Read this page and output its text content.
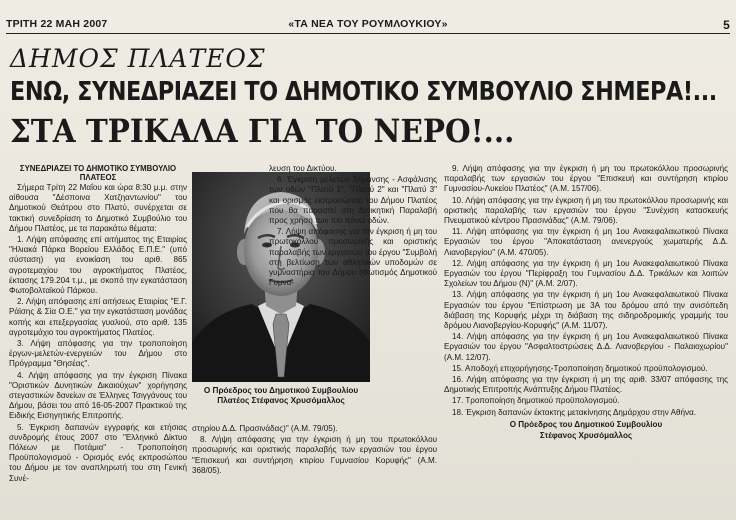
ΤΡΙΤΗ 22 ΜΑΗ 2007	«ΤΑ ΝΕΑ ΤΟΥ ΡΟΥΜΛΟΥΚΙΟΥ»	5
ΔΗΜΟΣ ΠΛΑΤΕΟΣ
ΕΝΩ, ΣΥΝΕΔΡΙΑΖΕΙ ΤΟ ΔΗΜΟΤΙΚΟ ΣΥΜΒΟΥΛΙΟ ΣΗΜΕΡΑ!...
ΣΤΑ ΤΡΙΚΑΛΑ ΓΙΑ ΤΟ ΝΕΡΟ!...

ΣΥΝΕΔΡΙΑΖΕΙ ΤΟ ΔΗΜΟΤΙΚΟ ΣΥΜΒΟΥΛΙΟ ΠΛΑΤΕΟΣ

Σήμερα Τρίτη 22 Μαΐου και ώρα 8:30 μ.μ. στην αίθουσα "Δέσποινα Χατζηαντωνίου" του Δημοτικού Θεάτρου στο Πλατύ, συνέρχεται σε τακτική συνεδρίαση το Δημοτικό Συμβούλιο του Δήμου Πλατέος, με τα παρακάτω θέματα:

1. Λήψη απόφασης επί αιτήματος της Εταιρίας "Ηλιακά Πάρκα Βορείου Ελλάδος Ε.Π.Ε." (υπό σύσταση) για ενοικίαση του αριθ. 865 αγροτεμαχίου του αγροκτήματος Πλατέος, έκτασης 179.204 τ.μ., με σκοπό την εγκατάσταση Φωτοβολταϊκού Πάρκου.

2. Λήψη απόφασης επί αιτήσεως Εταιρίας "Ε.Γ. Ράϊσης & Σία Ο.Ε." για την εγκατάσταση μονάδας κοπής και επεξεργασίας γυαλιού, στο αριθ. 135 αγροτεμάχιο του αγροκτήματος Πλατέος.

3. Λήψη απόφασης για την τροποποίηση έργων-μελετών-ενεργειών του Δήμου στο Πρόγραμμα "Θησέας".

4. Λήψη απόφασης για την έγκριση Πίνακα "Οριστικών Δυνητικών Δικαιούχων" χορήγησης στεγαστικών δανείων σε Έλληνες Τσιγγάνους του Δήμου, βάσει του από 16-05-2007 Πρακτικού της Ειδικής Εισηγητικής Επιτροπής.

5. Έγκριση δαπανών εγγραφής και ετήσιας συνδρομής έτους 2007 στο "Ελληνικό Δίκτυο Πόλεων με Ποτάμια" - Τροποποίηση Προϋπολογισμού - Ορισμός ενός εκπροσώπου του Δήμου με τον αναπληρωτή του στη Γενική Συνέ-

Ο Πρόεδρος του Δημοτικού Συμβουλίου
Πλατέος Στέφανος Χρυσόμαλλος

λευση του Δικτύου.

6. Έγκριση μελετών Σήμανσης - Ασφάλισης των οδών "Πλατύ 1", "Πλατύ 2" και "Πλατύ 3" και ορισμός εκπροσώπου του Δήμου Πλατέος που θα παραστεί στη Διοικητική Παραλαβή προς χρήση των πιο πάνω οδών.

7. Λήψη απόφασης για την έγκριση ή μη του πρωτοκόλλου προσωρινής και οριστικής παραλαβής των εργασιών του έργου "Συμβολή στη βελτίωση των αθλητικών υποδομών σε γυμναστήρια του Δήμου (Φωτισμός Δημοτικού Γυμνα-

στηρίου Δ.Δ. Πρασινάδας)" (Α.Μ. 79/05).

8. Λήψη απόφασης για την έγκριση ή μη του πρωτοκόλλου προσωρινής και οριστικής παραλαβής των εργασιών του έργου "Επισκευή και συντήρηση κτιρίου Γυμνασίου Κορυφής" (Α.Μ. 368/05).

9. Λήψη απόφασης για την έγκριση ή μη του πρωτοκόλλου προσωρινής παραλαβής των εργασιών του έργου "Επισκευή και συντήρηση κτιρίου Γυμνασίου-Λυκείου Πλατέος" (Α.Μ. 157/06).

10. Λήψη απόφασης για την έγκριση ή μη του πρωτοκόλλου προσωρινής και οριστικής παραλαβής των εργασιών του έργου "Συνέχιση κατασκευής Πνευματικού κέντρου Πρασινάδας" (Α.Μ. 79/06).

11. Λήψη απόφασης για την έγκριση ή μη 1ου Ανακεφαλαιωτικού Πίνακα Εργασιών του έργου "Αποκατάσταση ανενεργούς χωματερής Δ.Δ. Λιανοβεργίου" (Α.Μ. 470/05).

12. Λήψη απόφασης για την έγκριση ή μη 1ου Ανακεφαλαιωτικού Πίνακα Εργασιών του έργου "Περίφραξη του Γυμνασίου Δ.Δ. Τρικάλων και λοιπών Σχολείων του Δήμου (Ν)" (Α.Μ. 2/07).

13. Λήψη απόφασης για την έγκριση ή μη 1ου Ανακεφαλαιωτικού Πίνακα Εργασιών του έργου "Επίστρωση με 3Α του δρόμου από την ανισόπεδη διάβαση της Κορυφής μέχρι τη διάβαση της σιδηροδρομικής γραμμής του δρόμου Λιανοβεργίου-Κορυφής" (Α.Μ. 11/07).

14. Λήψη απόφασης για την έγκριση ή μη 1ου Ανακεφαλαιωτικού Πίνακα Εργασιών του έργου "Ασφαλτοστρώσεις Δ.Δ. Λιανοβεργίου - Παλαιοχωρίου" (Α.Μ. 12/07).

15. Αποδοχή επιχορήγησης-Τροποποίηση δημοτικού προϋπολογισμού.

16. Λήψη απόφασης για την έγκριση ή μη της αριθ. 33/07 απόφασης της Δημοτικής Επιτροπής Ανάπτυξης Δήμου Πλατέος.

17. Τροποποίηση δημοτικού προϋπολογισμού.

18. Έγκριση δαπανών έκτακτης μετακίνησης Δημάρχου στην Αθήνα.

Ο Πρόεδρος του Δημοτικού Συμβουλίου

Στέφανος Χρυσόμαλλος
